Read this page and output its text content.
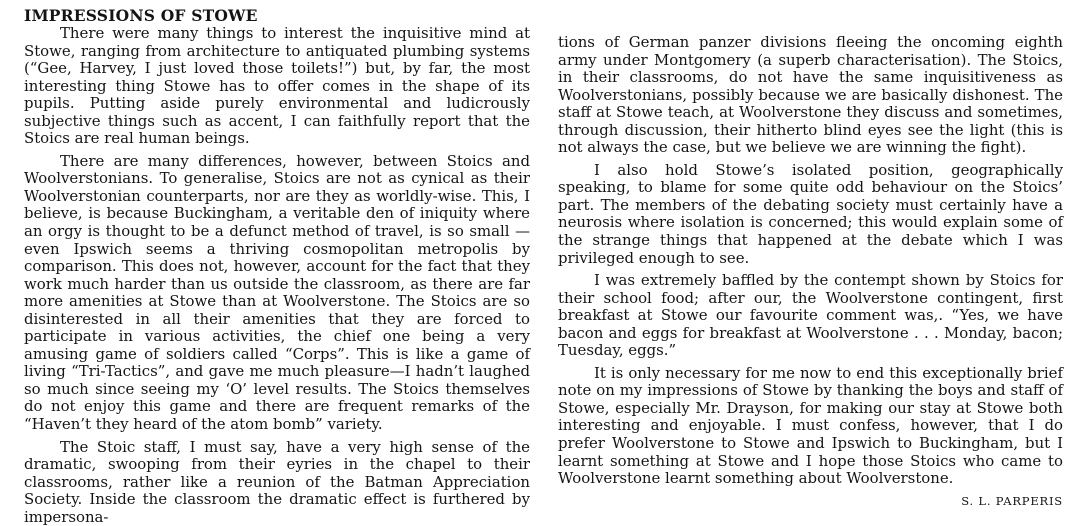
IMPRESSIONS OF STOWE

There were many things to interest the inquisitive mind at Stowe, ranging from architecture to antiquated plumbing systems (“Gee, Harvey, I just loved those toilets!”) but, by far, the most interesting thing Stowe has to offer comes in the shape of its pupils. Putting aside purely environmental and ludicrously subjective things such as accent, I can faithfully report that the Stoics are real human beings.

There are many differences, however, between Stoics and Woolverstonians. To generalise, Stoics are not as cynical as their Woolverstonian counterparts, nor are they as worldly-wise. This, I believe, is because Buckingham, a veritable den of iniquity where an orgy is thought to be a defunct method of travel, is so small —even Ipswich seems a thriving cosmopolitan metropolis by comparison. This does not, however, account for the fact that they work much harder than us outside the classroom, as there are far more amenities at Stowe than at Woolverstone. The Stoics are so disinterested in all their amenities that they are forced to participate in various activities, the chief one being a very amusing game of soldiers called “Corps”. This is like a game of living “Tri-Tactics”, and gave me much pleasure—I hadn’t laughed so much since seeing my ‘O’ level results. The Stoics themselves do not enjoy this game and there are frequent remarks of the “Haven’t they heard of the atom bomb” variety.

The Stoic staff, I must say, have a very high sense of the dramatic, swooping from their eyries in the chapel to their classrooms, rather like a reunion of the Batman Appreciation Society. Inside the classroom the dramatic effect is furthered by impersona-

tions of German panzer divisions fleeing the oncoming eighth army under Montgomery (a superb characterisation). The Stoics, in their classrooms, do not have the same inquisitiveness as Woolverstonians, possibly because we are basically dishonest. The staff at Stowe teach, at Woolverstone they discuss and sometimes, through discussion, their hitherto blind eyes see the light (this is not always the case, but we believe we are winning the fight).

I also hold Stowe’s isolated position, geographically speaking, to blame for some quite odd behaviour on the Stoics’ part. The members of the debating society must certainly have a neurosis where isolation is concerned; this would explain some of the strange things that happened at the debate which I was privileged enough to see.

I was extremely baffled by the contempt shown by Stoics for their school food; after our, the Woolverstone contingent, first breakfast at Stowe our favourite comment was,. “Yes, we have bacon and eggs for breakfast at Woolverstone . . . Monday, bacon; Tuesday, eggs.”

It is only necessary for me now to end this exceptionally brief note on my impressions of Stowe by thanking the boys and staff of Stowe, especially Mr. Drayson, for making our stay at Stowe both interesting and enjoyable. I must confess, however, that I do prefer Woolverstone to Stowe and Ipswich to Buckingham, but I learnt something at Stowe and I hope those Stoics who came to Woolverstone learnt something about Woolverstone.

S. L. PARPERIS
